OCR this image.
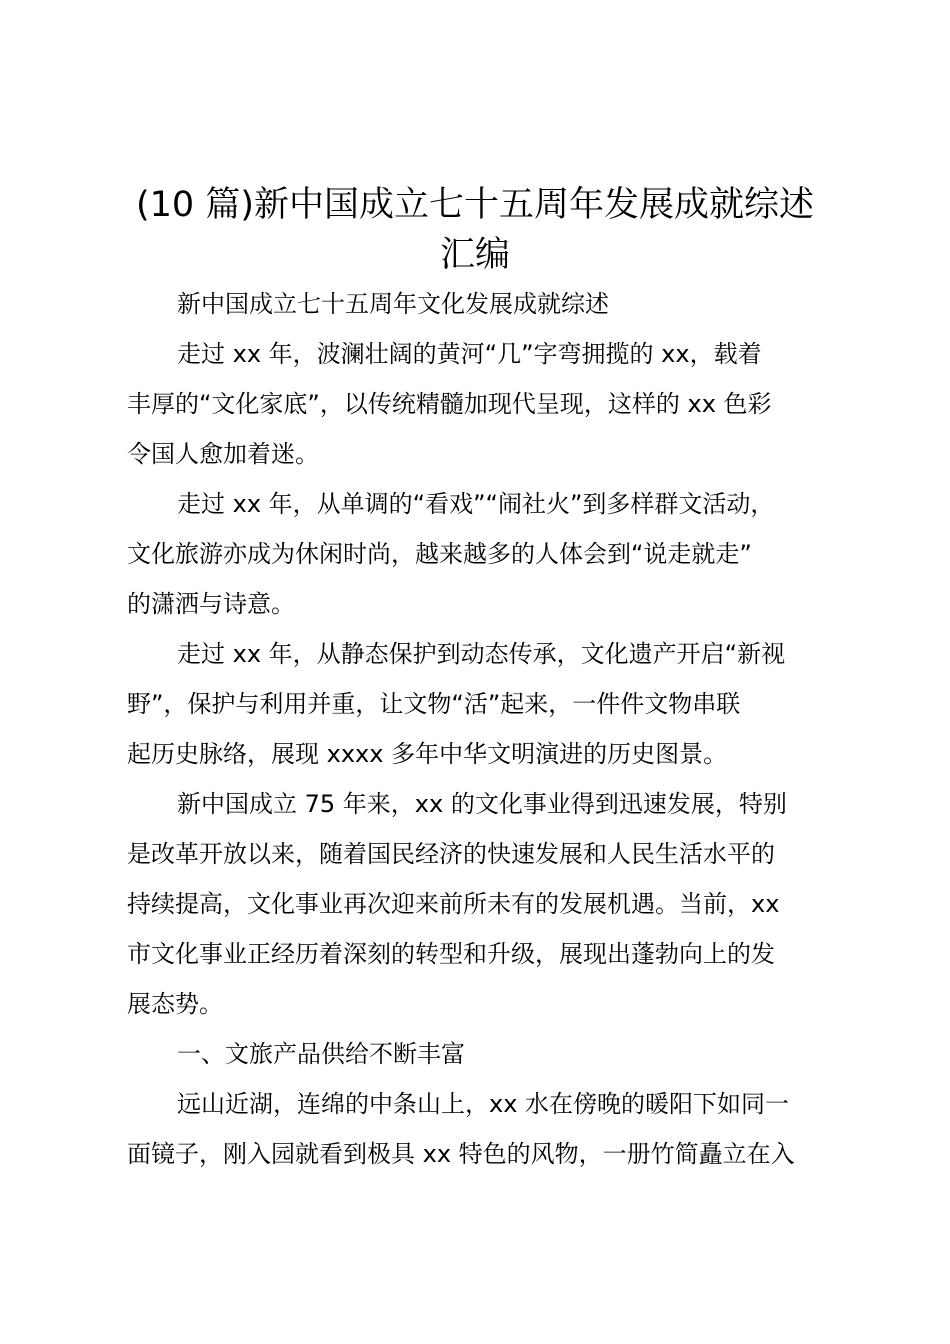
(10 篇)新中国成立七十五周年发展成就综述
汇编

新中国成立七十五周年文化发展成就综述

走过 xx 年，波澜壮阔的黄河“几”字弯拥揽的 xx，载着

丰厚的“文化家底”，以传统精髓加现代呈现，这样的 xx 色彩

令国人愈加着迷。

走过 xx 年，从单调的“看戏”“闹社火”到多样群文活动，

文化旅游亦成为休闲时尚，越来越多的人体会到“说走就走”

的潇洒与诗意。

走过 xx 年，从静态保护到动态传承，文化遗产开启“新视

野”，保护与利用并重，让文物“活”起来，一件件文物串联

起历史脉络，展现 xxxx 多年中华文明演进的历史图景。

新中国成立 75 年来，xx 的文化事业得到迅速发展，特别

是改革开放以来，随着国民经济的快速发展和人民生活水平的

持续提高，文化事业再次迎来前所未有的发展机遇。当前，xx

市文化事业正经历着深刻的转型和升级，展现出蓬勃向上的发

展态势。

一、文旅产品供给不断丰富

远山近湖，连绵的中条山上，xx 水在傍晚的暖阳下如同一

面镜子，刚入园就看到极具 xx 特色的风物，一册竹简矗立在入
